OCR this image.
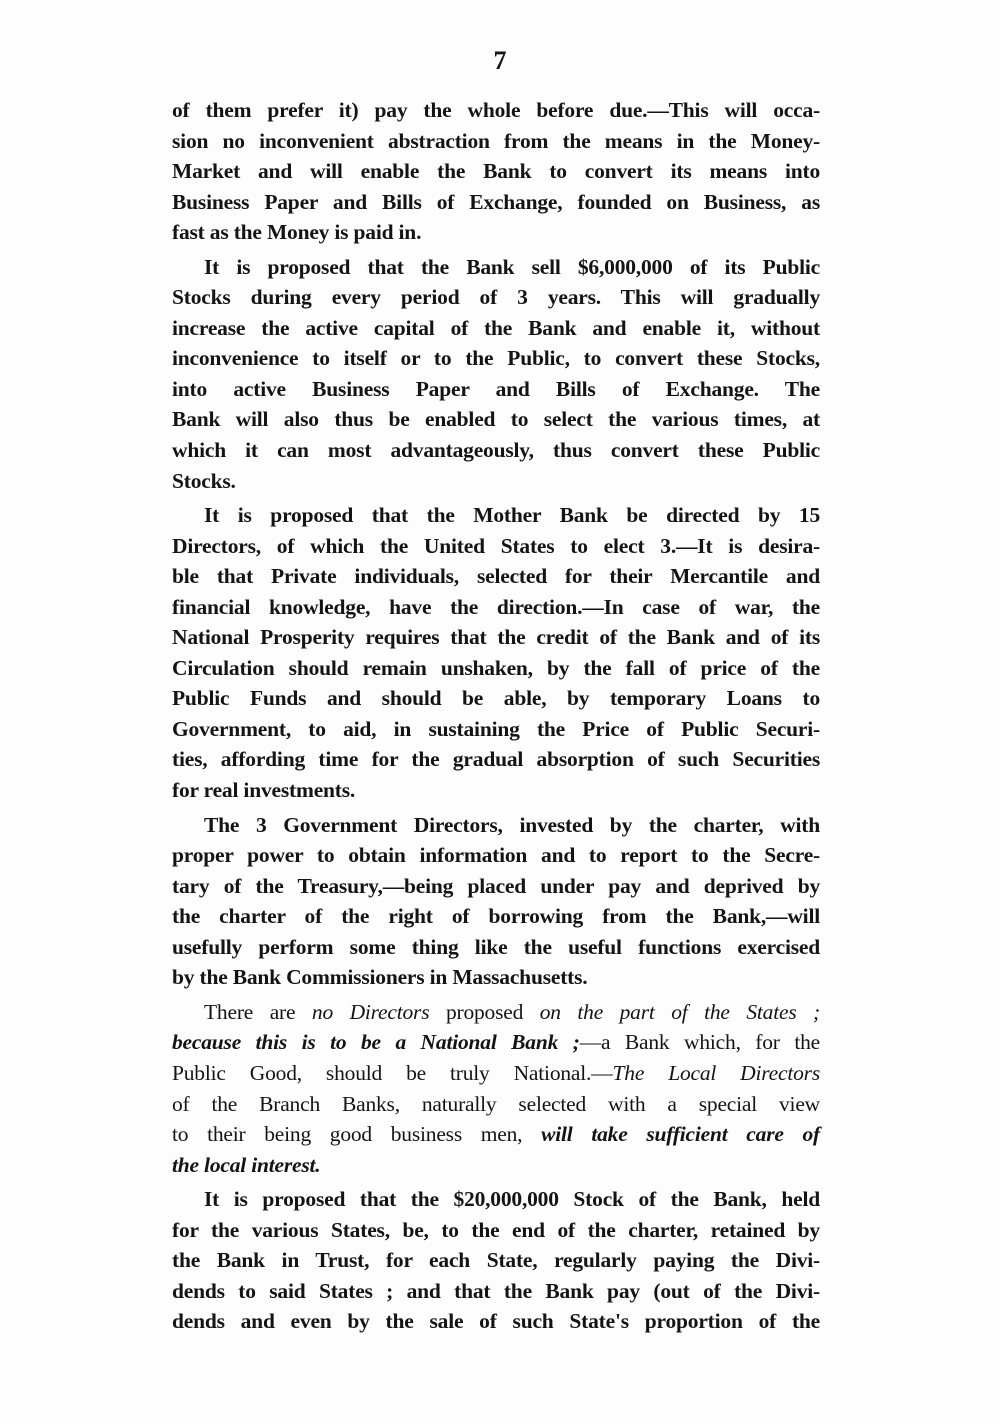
7
of them prefer it) pay the whole before due.—This will occa-
sion no inconvenient abstraction from the means in the Money-
Market and will enable the Bank to convert its means into
Business Paper and Bills of Exchange, founded on Business, as
fast as the Money is paid in.
It is proposed that the Bank sell $6,000,000 of its Public
Stocks during every period of 3 years. This will gradually
increase the active capital of the Bank and enable it, without
inconvenience to itself or to the Public, to convert these Stocks,
into active Business Paper and Bills of Exchange. The
Bank will also thus be enabled to select the various times, at
which it can most advantageously, thus convert these Public
Stocks.
It is proposed that the Mother Bank be directed by 15
Directors, of which the United States to elect 3.—It is desira-
ble that Private individuals, selected for their Mercantile and
financial knowledge, have the direction.—In case of war, the
National Prosperity requires that the credit of the Bank and of its
Circulation should remain unshaken, by the fall of price of the
Public Funds and should be able, by temporary Loans to
Government, to aid, in sustaining the Price of Public Securi-
ties, affording time for the gradual absorption of such Securities
for real investments.
The 3 Government Directors, invested by the charter, with
proper power to obtain information and to report to the Secre-
tary of the Treasury,—being placed under pay and deprived by
the charter of the right of borrowing from the Bank,—will
usefully perform some thing like the useful functions exercised
by the Bank Commissioners in Massachusetts.
There are no Directors proposed on the part of the States ;
because this is to be a National Bank ;—a Bank which, for the
Public Good, should be truly National.—The Local Directors
of the Branch Banks, naturally selected with a special view
to their being good business men, will take sufficient care of
the local interest.
It is proposed that the $20,000,000 Stock of the Bank, held
for the various States, be, to the end of the charter, retained by
the Bank in Trust, for each State, regularly paying the Divi-
dends to said States ; and that the Bank pay (out of the Divi-
dends and even by the sale of such State's proportion of the
